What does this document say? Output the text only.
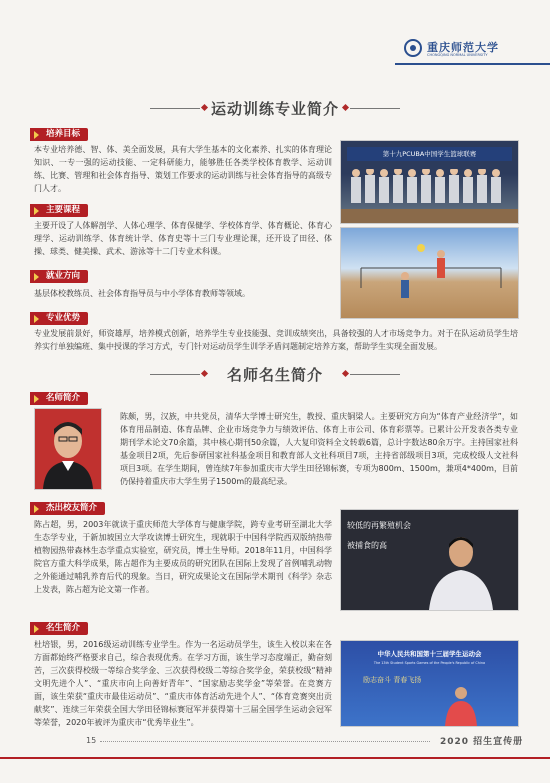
重庆师范大学
CHONGQING NORMAL UNIVERSITY
运动训练专业简介
培养目标
本专业培养德、智、体、美全面发展，具有大学生基本的文化素养、扎实的体育理论知识、一专一强的运动技能、一定科研能力，能够胜任各类学校体育教学、运动训练、比赛、管理和社会体育指导、策划工作要求的运动训练与社会体育指导的高级专门人才。
主要课程
主要开设了人体解剖学、人体心理学、体育保健学、学校体育学、体育概论、体育心理学、运动训练学、体育统计学、体育史等十三门专业理论课，还开设了田径、体操、球类、健美操、武术、游泳等十二门专业术科课。
就业方向
基层体校教练员、社会体育指导员与中小学体育教师等领域。
专业优势
专业发展前景好，师资雄厚，培养模式创新，培养学生专业技能强、竞训成绩突出，具备较强的人才市场竞争力。对于在队运动员学生培养实行单独编班、集中授课的学习方式，专门针对运动员学生训学矛盾问题制定培养方案，帮助学生实现全面发展。
第十九PCUBA中国学生篮球联赛
名师名生简介
名师简介
陈颇，男，汉族，中共党员，清华大学博士研究生，教授、重庆铜梁人。主要研究方向为“体育产业经济学”，如体育用品制造、体育品牌、企业市场竞争力与绩效评估、体育上市公司、体育彩票等。已累计公开发表各类专业期刊学术论文70余篇，其中核心期刊50余篇，人大复印资料全文转载6篇，总计字数达80余万字。主持国家社科基金项目2项，先后参研国家社科基金项目和教育部人文社科项目7项，主持省部级项目3项，完成校级人文社科项目3项。在学生期间，曾连续7年参加重庆市大学生田径锦标赛，专项为800m、1500m，兼项4*400m，目前仍保持着重庆市大学生男子1500m的最高纪录。
杰出校友简介
陈占超，男，2003年就读于重庆师范大学体育与健康学院，跨专业考研至湖北大学生态学专业，于新加坡国立大学攻读博士研究生，现就职于中国科学院西双版纳热带植物园热带森林生态学重点实验室，研究员，博士生导师。2018年11月，中国科学院官方重大科学成果，陈占超作为主要成员的研究团队在国际上发现了首例哺乳动物之外能通过哺乳养育后代的现象。当日，研究成果论文在国际学术期刊《科学》杂志上发表，陈占超为论文第一作者。
较低的再繁殖机会
被捕食的高
名生简介
杜培银，男，2016级运动训练专业学生。作为一名运动员学生，该生入校以来在各方面都始终严格要求自己，综合表现优秀。在学习方面，该生学习态度端正，勤奋刻苦，三次获得校级一等综合奖学金、三次获得校级二等综合奖学金，荣获校级“精神文明先进个人”、“重庆市向上向善好青年”、“国家励志奖学金”等荣誉。在竞赛方面，该生荣获“重庆市最佳运动员”、“重庆市体育活动先进个人”、“体育竞赛突出贡献奖”、连续三年荣获全国大学田径锦标赛冠军并获得第十三届全国学生运动会冠军等荣誉，2020年被评为重庆市“优秀毕业生”。
中华人民共和国第十三届学生运动会
The 13th Student Sports Games of the People's Republic of China
励志奋斗 青春飞扬
15	2020 招生宣传册
